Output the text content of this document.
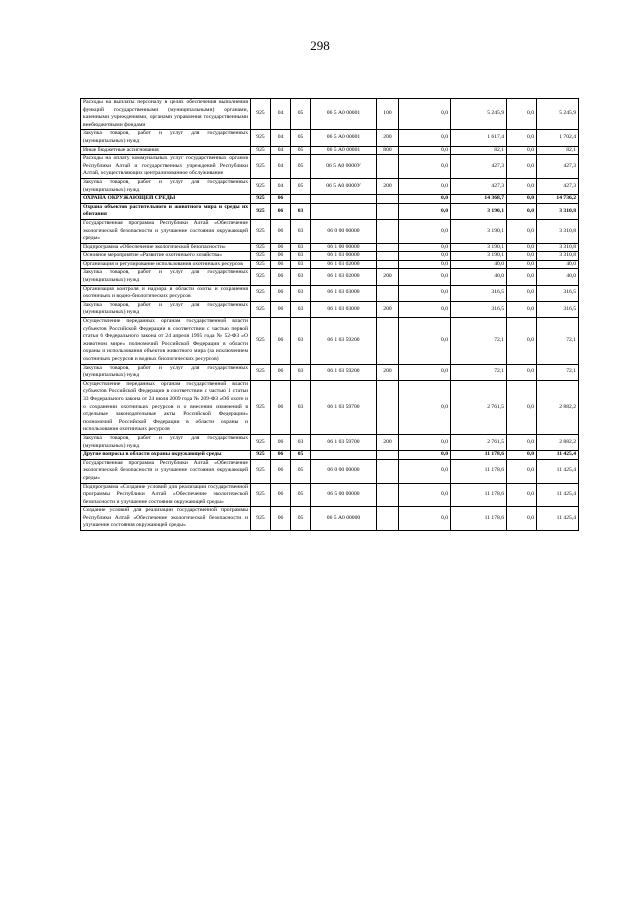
298
Расходы на выплаты персоналу в целях обеспечения выполнения функций государственными (муниципальными) органами, казенными учреждениями, органами управления государственными внебюджетными фондами	925	04	05	06 5 А0 00001	100	0,0	5 245,9	0,0	5 245,9
Закупка товаров, работ и услуг для государственных (муниципальных) нужд	925	04	05	06 5 А0 00001	200	0,0	1 617,4	0,0	1 702,4
Иные бюджетные ассигнования	925	04	05	06 5 А0 00001	800	0,0	82,1	0,0	82,1
Расходы на оплату коммунальных услуг государственных органов Республики Алтай и государственных учреждений Республики Алтай, осуществляющих централизованное обслуживание	925	04	05	06 5 А0 0000У		0,0	427,3	0,0	427,3
Закупка товаров, работ и услуг для государственных (муниципальных) нужд	925	04	05	06 5 А0 0000У	200	0,0	427,3	0,0	427,3
ОХРАНА ОКРУЖАЮЩЕЙ СРЕДЫ	925	06				0,0	14 368,7	0,0	14 736,2
Охрана объектов растительного и животного мира и среды их обитания	925	06	03			0,0	3 190,1	0,0	3 310,8
Государственная программа Республики Алтай «Обеспечение экологической безопасности и улучшение состояния окружающей среды»	925	06	03	06 0 00 00000		0,0	3 190,1	0,0	3 310,8
Подпрограмма «Обеспечение экологической безопасности»	925	06	03	06 1 00 00000		0,0	3 190,1	0,0	3 310,8
Основное мероприятие «Развитие охотничьего хозяйства»	925	06	03	06 1 03 00000		0,0	3 190,1	0,0	3 310,8
Организация и регулирование использования охотничьих ресурсов	925	06	03	06 1 03 02000		0,0	40,0	0,0	40,0
Закупка товаров, работ и услуг для государственных (муниципальных) нужд	925	06	03	06 1 03 02000	200	0,0	40,0	0,0	40,0
Организация контроля и надзора в области охоты и сохранения охотничьих и водно-биологических ресурсов	925	06	03	06 1 03 03000		0,0	316,5	0,0	316,5
Закупка товаров, работ и услуг для государственных (муниципальных) нужд	925	06	03	06 1 03 03000	200	0,0	316,5	0,0	316,5
Осуществление переданных органам государственной власти субъектов Российской Федерации в соответствии с частью первой статьи 6 Федерального закона от 24 апреля 1995 года № 52-ФЗ «О животном мире» полномочий Российской Федерации в области охраны и использования объектов животного мира (за исключением охотничьих ресурсов и водных биологических ресурсов)	925	06	03	06 1 03 59200		0,0	72,1	0,0	72,1
Закупка товаров, работ и услуг для государственных (муниципальных) нужд	925	06	03	06 1 03 59200	200	0,0	72,1	0,0	72,1
Осуществление переданных органам государственной власти субъектов Российской Федерации в соответствии с частью 1 статьи 33 Федерального закона от 24 июля 2009 года № 209-ФЗ «Об охоте и о сохранении охотничьих ресурсов и о внесении изменений в отдельные законодательные акты Российской Федерации» полномочий Российской Федерации в области охраны и использования охотничьих ресурсов	925	06	03	06 1 03 59700		0,0	2 761,5	0,0	2 882,2
Закупка товаров, работ и услуг для государственных (муниципальных) нужд	925	06	03	06 1 03 59700	200	0,0	2 761,5	0,0	2 882,2
Другие вопросы в области охраны окружающей среды	925	06	05			0,0	11 178,6	0,0	11 425,4
Государственная программа Республики Алтай «Обеспечение экологической безопасности и улучшение состояния окружающей среды»	925	06	05	06 0 00 00000		0,0	11 178,6	0,0	11 425,4
Подпрограмма «Создание условий для реализации государственной программы Республики Алтай «Обеспечение экологической безопасности и улучшение состояния окружающей среды»	925	06	05	06 5 00 00000		0,0	11 178,6	0,0	11 425,4
Создание условий для реализации государственной программы Республики Алтай «Обеспечение экологической безопасности и улучшение состояния окружающей среды»	925	06	05	06 5 А0 00000		0,0	11 178,6	0,0	11 425,4
